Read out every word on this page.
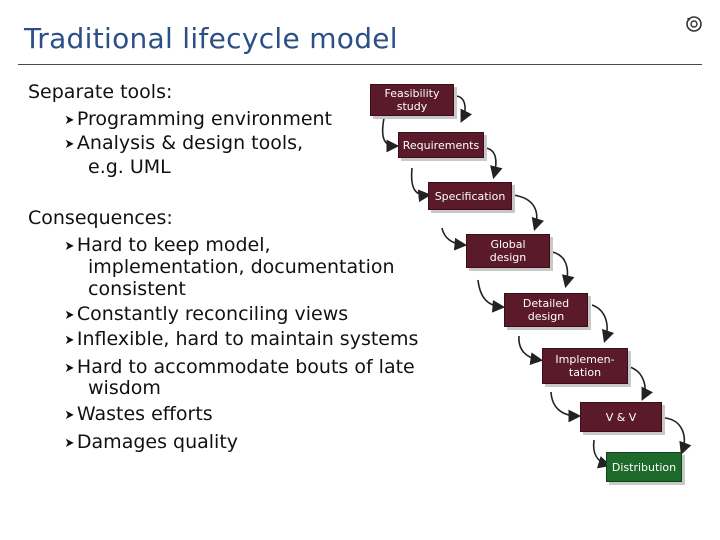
Traditional lifecycle model
Separate tools:
➤ Programming environment
➤ Analysis & design tools,
e.g. UML
Consequences:
➤ Hard to keep model,
implementation, documentation
consistent
➤ Constantly reconciling views
➤ Inflexible, hard to maintain systems
➤ Hard to accommodate bouts of late
wisdom
➤ Wastes efforts
➤ Damages quality
Feasibility
study
Requirements
Specification
Global
design
Detailed
design
Implemen-
tation
V & V
Distribution
